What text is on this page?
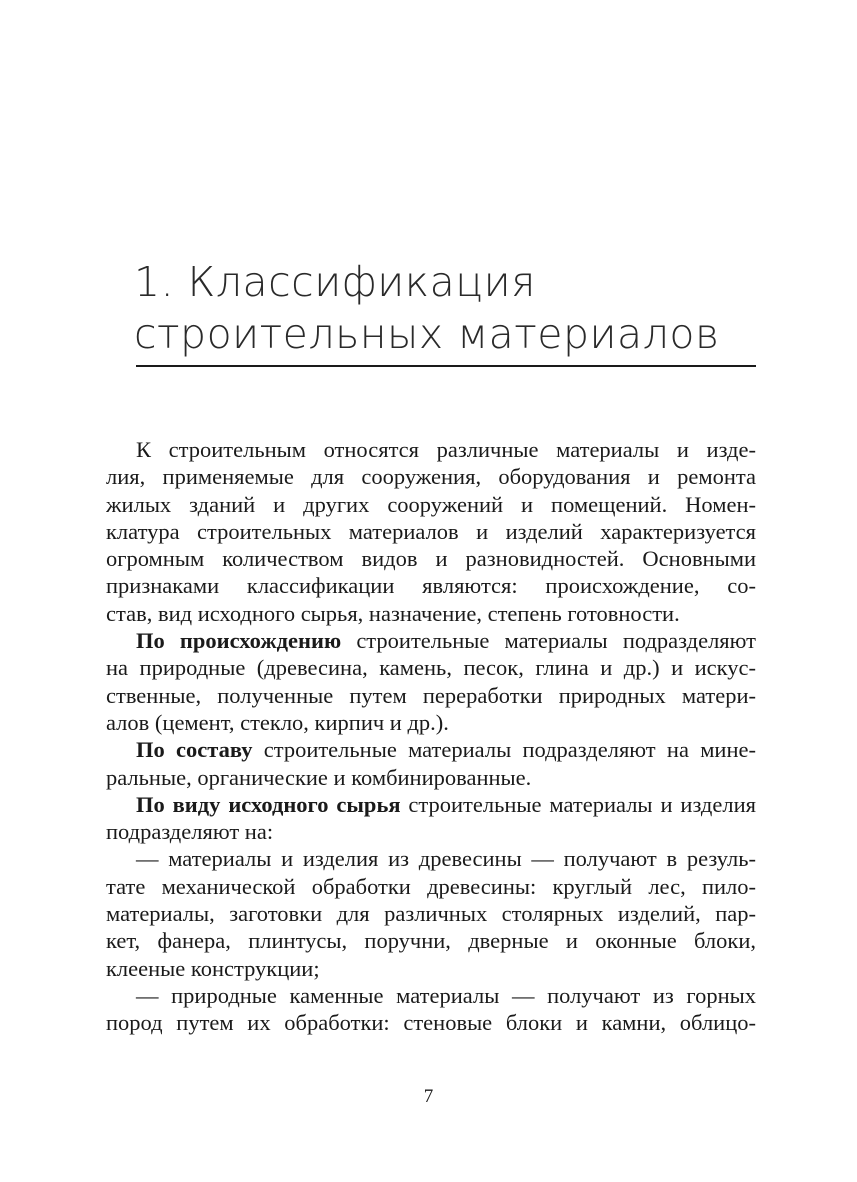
1. Классификация
строительных материалов
К строительным относятся различные материалы и изде-
лия, применяемые для сооружения, оборудования и ремонта
жилых зданий и других сооружений и помещений. Номен-
клатура строительных материалов и изделий характеризуется
огромным количеством видов и разновидностей. Основными
признаками классификации являются: происхождение, со-
став, вид исходного сырья, назначение, степень готовности.
По происхождению строительные материалы подразделяют
на природные (древесина, камень, песок, глина и др.) и искус-
ственные, полученные путем переработки природных матери-
алов (цемент, стекло, кирпич и др.).
По составу строительные материалы подразделяют на мине-
ральные, органические и комбинированные.
По виду исходного сырья строительные материалы и изделия
подразделяют на:
— материалы и изделия из древесины — получают в резуль-
тате механической обработки древесины: круглый лес, пило-
материалы, заготовки для различных столярных изделий, пар-
кет, фанера, плинтусы, поручни, дверные и оконные блоки,
клееные конструкции;
— природные каменные материалы — получают из горных
пород путем их обработки: стеновые блоки и камни, облицо-
7
